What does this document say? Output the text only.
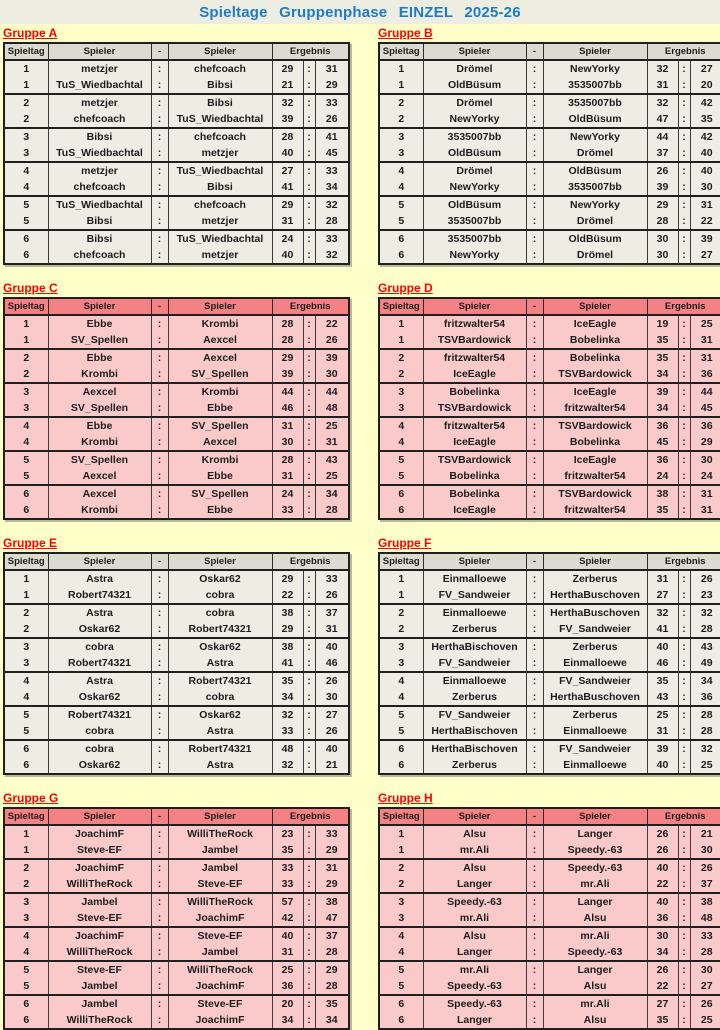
Spieltage Gruppenphase EINZEL 2025-26
Gruppe A
Spieltag	Spieler	-	Spieler	Ergebnis		
1	metzjer	:	chefcoach	29	:	31
1	TuS_Wiedbachtal	:	Bibsi	21	:	29
2	metzjer	:	Bibsi	32	:	33
2	chefcoach	:	TuS_Wiedbachtal	39	:	26
3	Bibsi	:	chefcoach	28	:	41
3	TuS_Wiedbachtal	:	metzjer	40	:	45
4	metzjer	:	TuS_Wiedbachtal	27	:	33
4	chefcoach	:	Bibsi	41	:	34
5	TuS_Wiedbachtal	:	chefcoach	29	:	32
5	Bibsi	:	metzjer	31	:	28
6	Bibsi	:	TuS_Wiedbachtal	24	:	33
6	chefcoach	:	metzjer	40	:	32
Gruppe B
Spieltag	Spieler	-	Spieler	Ergebnis		
1	Drömel	:	NewYorky	32	:	27
1	OldBüsum	:	3535007bb	31	:	20
2	Drömel	:	3535007bb	32	:	42
2	NewYorky	:	OldBüsum	47	:	35
3	3535007bb	:	NewYorky	44	:	42
3	OldBüsum	:	Drömel	37	:	40
4	Drömel	:	OldBüsum	26	:	40
4	NewYorky	:	3535007bb	39	:	30
5	OldBüsum	:	NewYorky	29	:	31
5	3535007bb	:	Drömel	28	:	22
6	3535007bb	:	OldBüsum	30	:	39
6	NewYorky	:	Drömel	30	:	27
Gruppe C
Spieltag	Spieler	-	Spieler	Ergebnis		
1	Ebbe	:	Krombi	28	:	22
1	SV_Spellen	:	Aexcel	28	:	26
2	Ebbe	:	Aexcel	29	:	39
2	Krombi	:	SV_Spellen	39	:	30
3	Aexcel	:	Krombi	44	:	44
3	SV_Spellen	:	Ebbe	46	:	48
4	Ebbe	:	SV_Spellen	31	:	25
4	Krombi	:	Aexcel	30	:	31
5	SV_Spellen	:	Krombi	28	:	43
5	Aexcel	:	Ebbe	31	:	25
6	Aexcel	:	SV_Spellen	24	:	34
6	Krombi	:	Ebbe	33	:	28
Gruppe D
Spieltag	Spieler	-	Spieler	Ergebnis		
1	fritzwalter54	:	IceEagle	19	:	25
1	TSVBardowick	:	Bobelinka	35	:	31
2	fritzwalter54	:	Bobelinka	35	:	31
2	IceEagle	:	TSVBardowick	34	:	36
3	Bobelinka	:	IceEagle	39	:	44
3	TSVBardowick	:	fritzwalter54	34	:	45
4	fritzwalter54	:	TSVBardowick	36	:	36
4	IceEagle	:	Bobelinka	45	:	29
5	TSVBardowick	:	IceEagle	36	:	30
5	Bobelinka	:	fritzwalter54	24	:	24
6	Bobelinka	:	TSVBardowick	38	:	31
6	IceEagle	:	fritzwalter54	35	:	31
Gruppe E
Spieltag	Spieler	-	Spieler	Ergebnis		
1	Astra	:	Oskar62	29	:	33
1	Robert74321	:	cobra	22	:	26
2	Astra	:	cobra	38	:	37
2	Oskar62	:	Robert74321	29	:	31
3	cobra	:	Oskar62	38	:	40
3	Robert74321	:	Astra	41	:	46
4	Astra	:	Robert74321	35	:	26
4	Oskar62	:	cobra	34	:	30
5	Robert74321	:	Oskar62	32	:	27
5	cobra	:	Astra	33	:	26
6	cobra	:	Robert74321	48	:	40
6	Oskar62	:	Astra	32	:	21
Gruppe F
Spieltag	Spieler	-	Spieler	Ergebnis		
1	Einmalloewe	:	Zerberus	31	:	26
1	FV_Sandweier	:	HerthaBuschoven	27	:	23
2	Einmalloewe	:	HerthaBuschoven	32	:	32
2	Zerberus	:	FV_Sandweier	41	:	28
3	HerthaBischoven	:	Zerberus	40	:	43
3	FV_Sandweier	:	Einmalloewe	46	:	49
4	Einmalloewe	:	FV_Sandweier	35	:	34
4	Zerberus	:	HerthaBuschoven	43	:	36
5	FV_Sandweier	:	Zerberus	25	:	28
5	HerthaBischoven	:	Einmalloewe	31	:	28
6	HerthaBischoven	:	FV_Sandweier	39	:	32
6	Zerberus	:	Einmalloewe	40	:	25
Gruppe G
Spieltag	Spieler	-	Spieler	Ergebnis		
1	JoachimF	:	WilliTheRock	23	:	33
1	Steve-EF	:	Jambel	35	:	29
2	JoachimF	:	Jambel	33	:	31
2	WilliTheRock	:	Steve-EF	33	:	29
3	Jambel	:	WilliTheRock	57	:	38
3	Steve-EF	:	JoachimF	42	:	47
4	JoachimF	:	Steve-EF	40	:	37
4	WilliTheRock	:	Jambel	31	:	28
5	Steve-EF	:	WilliTheRock	25	:	29
5	Jambel	:	JoachimF	36	:	28
6	Jambel	:	Steve-EF	20	:	35
6	WilliTheRock	:	JoachimF	34	:	34
Gruppe H
Spieltag	Spieler	-	Spieler	Ergebnis		
1	Alsu	:	Langer	26	:	21
1	mr.Ali	:	Speedy.-63	26	:	30
2	Alsu	:	Speedy.-63	40	:	26
2	Langer	:	mr.Ali	22	:	37
3	Speedy.-63	:	Langer	40	:	38
3	mr.Ali	:	Alsu	36	:	48
4	Alsu	:	mr.Ali	30	:	33
4	Langer	:	Speedy.-63	34	:	28
5	mr.Ali	:	Langer	26	:	30
5	Speedy.-63	:	Alsu	22	:	27
6	Speedy.-63	:	mr.Ali	27	:	26
6	Langer	:	Alsu	35	:	25
